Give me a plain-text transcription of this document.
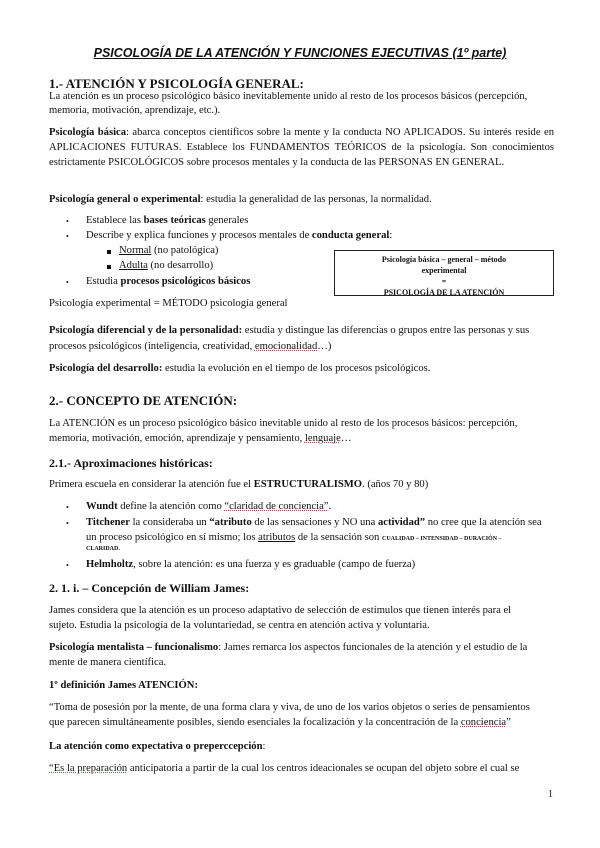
PSICOLOGÍA DE LA ATENCIÓN Y FUNCIONES EJECUTIVAS (1º parte)
1.- ATENCIÓN Y PSICOLOGÍA GENERAL:
La atención es un proceso psicológico básico inevitablemente unido al resto de los procesos básicos (percepción,
memoria, motivación, aprendizaje, etc.).
Psicología básica: abarca conceptos científicos sobre la mente y la conducta NO APLICADOS. Su interés reside en APLICACIONES FUTURAS. Establece los FUNDAMENTOS TEÓRICOS de la psicología. Son conocimientos estrictamente PSICOLÓGICOS sobre procesos mentales y la conducta de las PERSONAS EN GENERAL.
Psicología general o experimental: estudia la generalidad de las personas, la normalidad.
• Establece las bases teóricas generales
• Describe y explica funciones y procesos mentales de conducta general:
Normal (no patológica)
Adulta (no desarrollo)
• Estudia procesos psicológicos básicos
Psicología básica – general – método
experimental
=
PSICOLOGÍA DE LA ATENCIÓN
Psicología experimental = MÉTODO psicología general
Psicología diferencial y de la personalidad: estudia y distingue las diferencias o grupos entre las personas y sus
procesos psicológicos (inteligencia, creatividad, emocionalidad…)
Psicología del desarrollo: estudia la evolución en el tiempo de los procesos psicológicos.
2.- CONCEPTO DE ATENCIÓN:
La ATENCIÓN es un proceso psicológico básico inevitable unido al resto de los procesos básicos: percepción,
memoria, motivación, emoción, aprendizaje y pensamiento, lenguaje…
2.1.- Aproximaciones históricas:
Primera escuela en considerar la atención fue el ESTRUCTURALISMO. (años 70 y 80)
• Wundt define la atención como “claridad de conciencia”.
• Titchener la consideraba un “atributo de las sensaciones y NO una actividad” no cree que la atención sea
un proceso psicológico en sí mismo; los atributos de la sensación son CUALIDAD – INTENSIDAD – DURACIÓN –
CLARIDAD.
• Helmholtz, sobre la atención: es una fuerza y es graduable (campo de fuerza)
2. 1. i. – Concepción de William James:
James considera que la atención es un proceso adaptativo de selección de estímulos que tienen interés para el
sujeto. Estudia la psicología de la voluntariedad, se centra en atención activa y voluntaria.
Psicología mentalista – funcionalismo: James remarca los aspectos funcionales de la atención y el estudio de la
mente de manera científica.
1º definición James ATENCIÓN:
“Toma de posesión por la mente, de una forma clara y viva, de uno de los varios objetos o series de pensamientos
que parecen simultáneamente posibles, siendo esenciales la focalización y la concentración de la conciencia”
La atención como expectativa o preperccepción:
“Es la preparación anticipatoria a partir de la cual los centros ideacionales se ocupan del objeto sobre el cual se
1
